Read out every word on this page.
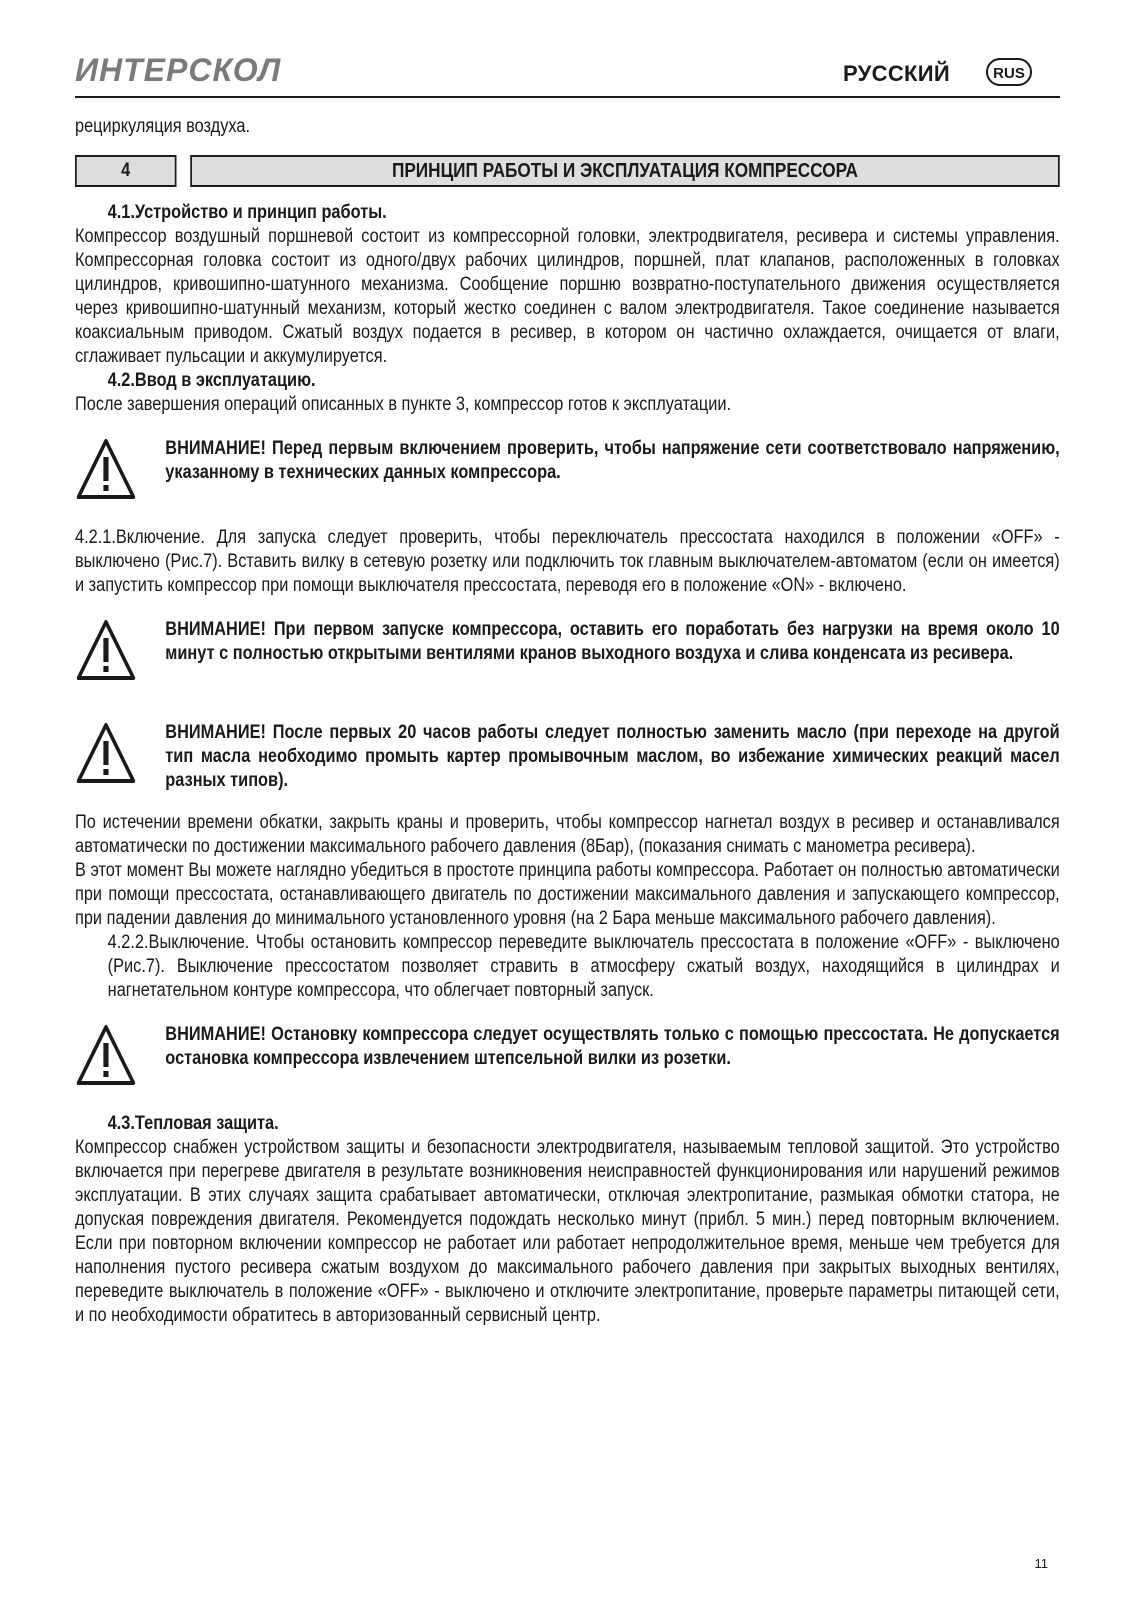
ИНТЕРСКОЛ	РУССКИЙ	RUS

рециркуляция воздуха.

4	ПРИНЦИП РАБОТЫ И ЭКСПЛУАТАЦИЯ КОМПРЕССОРА

4.1.Устройство и принцип работы.

Компрессор воздушный поршневой состоит из компрессорной головки, электродвигателя, ресивера и системы управления. Компрессорная головка состоит из одного/двух рабочих цилиндров, поршней, плат клапанов, расположенных в головках цилиндров, кривошипно-шатунного механизма. Сообщение поршню возвратно-поступательного движения осуществляется через кривошипно-шатунный механизм, который жестко соединен с валом электродвигателя. Такое соединение называется коаксиальным приводом. Сжатый воздух подается в ресивер, в котором он частично охлаждается, очищается от влаги, сглаживает пульсации и аккумулируется.

4.2.Ввод в эксплуатацию.

После завершения операций описанных в пункте 3, компрессор готов к эксплуатации.

ВНИМАНИЕ! Перед первым включением проверить, чтобы напряжение сети соответствовало напряжению, указанному в технических данных компрессора.

4.2.1.Включение. Для запуска следует проверить, чтобы переключатель прессостата находился в положении «OFF» - выключено (Рис.7). Вставить вилку в сетевую розетку или подключить ток главным выключателем-автоматом (если он имеется) и запустить компрессор при помощи выключателя прессостата, переводя его в положение «ON» - включено.

ВНИМАНИЕ! При первом запуске компрессора, оставить его поработать без нагрузки на время около 10 минут с полностью открытыми вентилями кранов выходного воздуха и слива конденсата из ресивера.
ВНИМАНИЕ! После первых 20 часов работы следует полностью заменить масло (при переходе на другой тип масла необходимо промыть картер промывочным маслом, во избежание химических реакций масел разных типов).

По истечении времени обкатки, закрыть краны и проверить, чтобы компрессор нагнетал воздух в ресивер и останавливался автоматически по достижении максимального рабочего давления (8Бар), (показания снимать с манометра ресивера).

В этот момент Вы можете наглядно убедиться в простоте принципа работы компрессора. Работает он полностью автоматически при помощи прессостата, останавливающего двигатель по достижении максимального давления и запускающего компрессор, при падении давления до минимального установленного уровня (на 2 Бара меньше максимального рабочего давления).

4.2.2.Выключение. Чтобы остановить компрессор переведите выключатель прессостата в положение «OFF» - выключено (Рис.7). Выключение прессостатом позволяет стравить в атмосферу сжатый воздух, находящийся в цилиндрах и нагнетательном контуре компрессора, что облегчает повторный запуск.

ВНИМАНИЕ! Остановку компрессора следует осуществлять только с помощью прессостата. Не допускается остановка компрессора извлечением штепсельной вилки из розетки.

4.3.Тепловая защита.

Компрессор снабжен устройством защиты и безопасности электродвигателя, называемым тепловой защитой. Это устройство включается при перегреве двигателя в результате возникновения неисправностей функционирования или нарушений режимов эксплуатации. В этих случаях защита срабатывает автоматически, отключая электропитание, размыкая обмотки статора, не допуская повреждения двигателя. Рекомендуется подождать несколько минут (прибл. 5 мин.) перед повторным включением. Если при повторном включении компрессор не работает или работает непродолжительное время, меньше чем требуется для наполнения пустого ресивера сжатым воздухом до максимального рабочего давления при закрытых выходных вентилях, переведите выключатель в положение «OFF» - выключено и отключите электропитание, проверьте параметры питающей сети, и по необходимости обратитесь в авторизованный сервисный центр.

11
